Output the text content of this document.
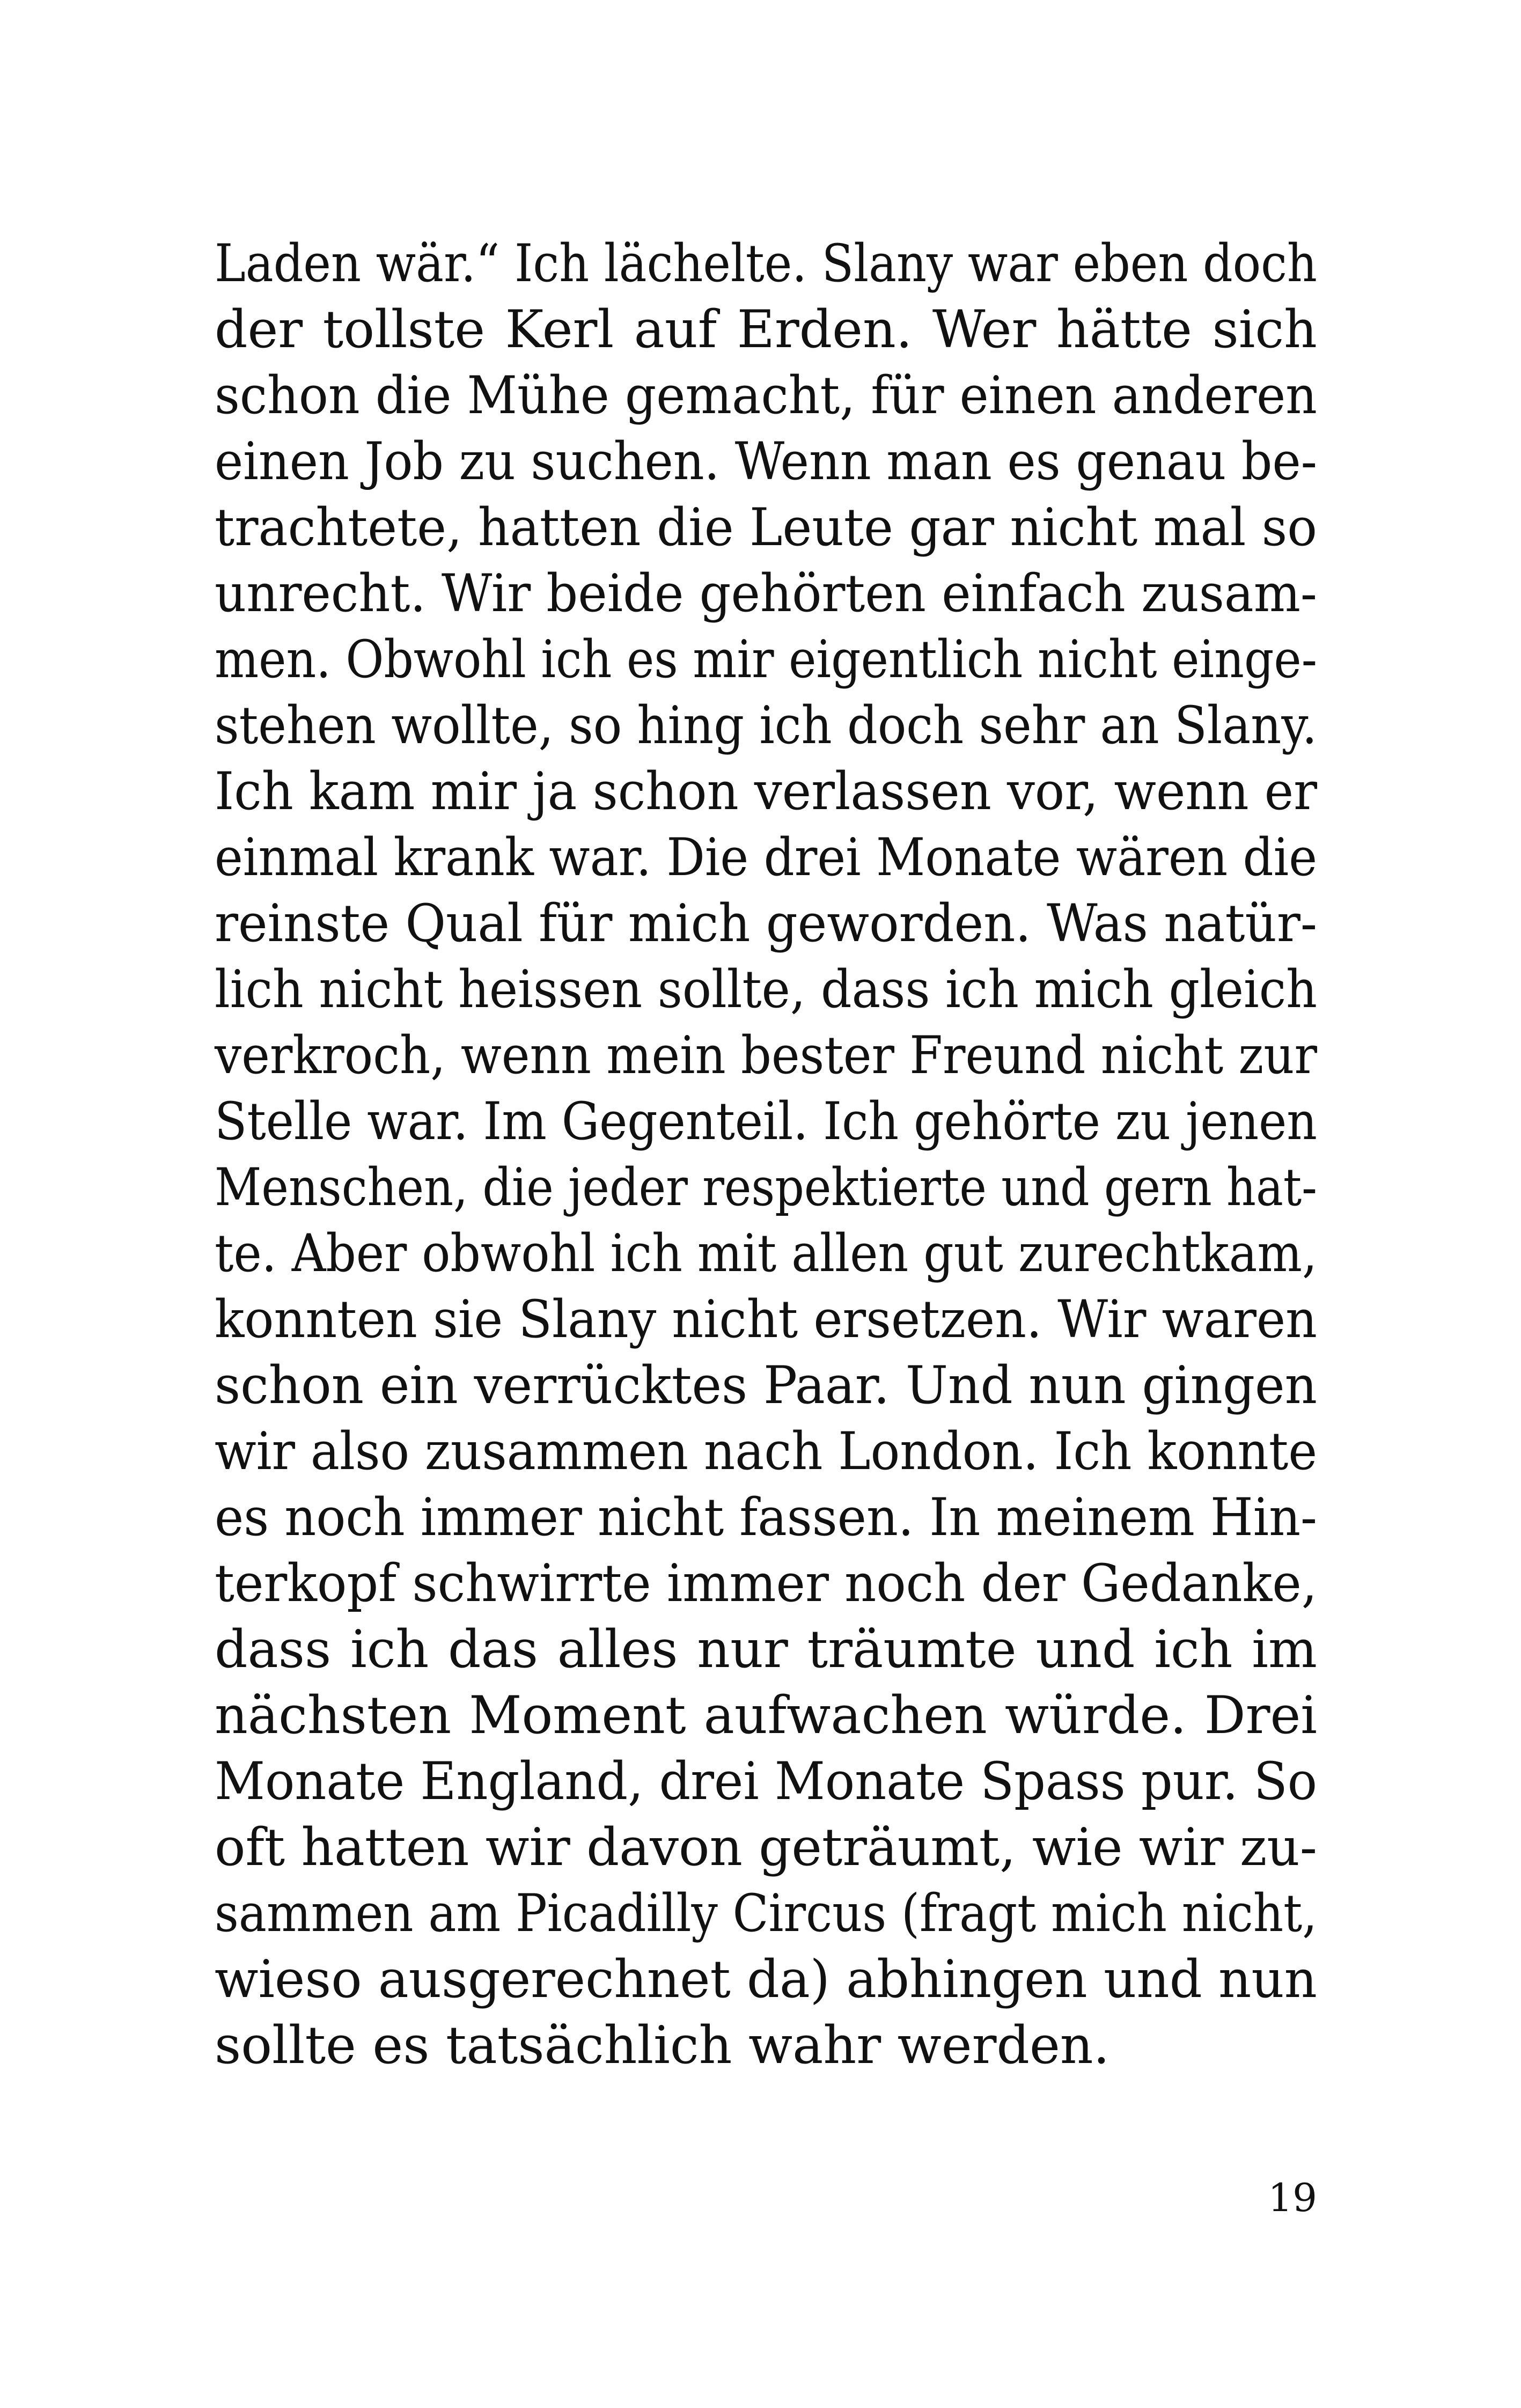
Laden wär.“ Ich lächelte. Slany war eben doch
der tollste Kerl auf Erden. Wer hätte sich
schon die Mühe gemacht, für einen anderen
einen Job zu suchen. Wenn man es genau be-
trachtete, hatten die Leute gar nicht mal so
unrecht. Wir beide gehörten einfach zusam-
men. Obwohl ich es mir eigentlich nicht einge-
stehen wollte, so hing ich doch sehr an Slany.
Ich kam mir ja schon verlassen vor, wenn er
einmal krank war. Die drei Monate wären die
reinste Qual für mich geworden. Was natür-
lich nicht heissen sollte, dass ich mich gleich
verkroch, wenn mein bester Freund nicht zur
Stelle war. Im Gegenteil. Ich gehörte zu jenen
Menschen, die jeder respektierte und gern hat-
te. Aber obwohl ich mit allen gut zurechtkam,
konnten sie Slany nicht ersetzen. Wir waren
schon ein verrücktes Paar. Und nun gingen
wir also zusammen nach London. Ich konnte
es noch immer nicht fassen. In meinem Hin-
terkopf schwirrte immer noch der Gedanke,
dass ich das alles nur träumte und ich im
nächsten Moment aufwachen würde. Drei
Monate England, drei Monate Spass pur. So
oft hatten wir davon geträumt, wie wir zu-
sammen am Picadilly Circus (fragt mich nicht,
wieso ausgerechnet da) abhingen und nun
sollte es tatsächlich wahr werden.
19
